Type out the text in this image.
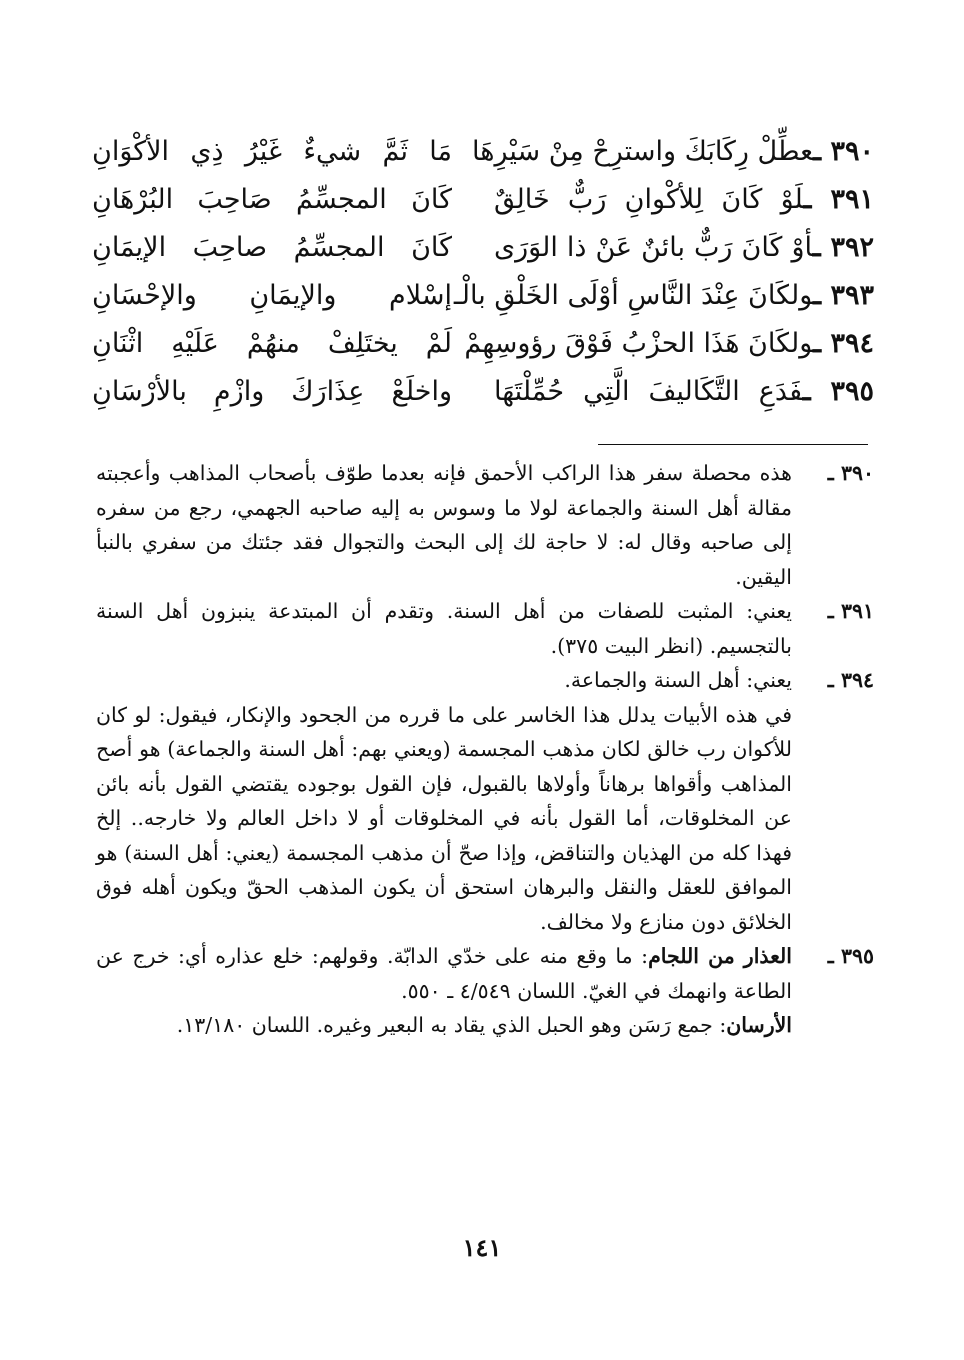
٣٩٠ ـعطِّلْ رِكَابَكَ واسترِحْ مِنْ سَيْرِهَا
مَا ثَمَّ شيءٌ غَيْرُ ذِي الأكْوَانِ
٣٩١ ـلَوْ كَانَ لِلأكْوانِ رَبٌّ خَالِقٌ
كَانَ المجسِّمُ صَاحِبَ البُرْهَانِ
٣٩٢ ـأوْ كَانَ رَبٌّ بائنٌ عَنْ ذا الوَرَى
كَانَ المجسِّمُ صاحِبَ الإيمَانِ
٣٩٣ ـولكَانَ عِنْدَ النَّاسِ أوْلَى الخَلْقِ بالْـ
إسْلام والإيمَانِ والإحْسَانِ
٣٩٤ ـولكَانَ هَذَا الحزْبُ فَوْقَ رؤوسِهِمْ
لَمْ يختَلِفْ منهُمْ عَلَيْهِ اثْنَانِ
٣٩٥ ـفَدَعِ التَّكَاليفَ الَّتِي حُمِّلْتَهَا
واخلَعْ عِذَارَكَ وازْمِ بالأرْسَانِ
٣٩٠ ـ
هذه محصلة سفر هذا الراكب الأحمق فإنه بعدما طوّف بأصحاب المذاهب وأعجبته مقالة أهل السنة والجماعة لولا ما وسوس به إليه صاحبه الجهمي، رجع من سفره إلى صاحبه وقال له: لا حاجة لك إلى البحث والتجوال فقد جئتك من سفري بالنبأ اليقين.
٣٩١ ـ
يعني: المثبت للصفات من أهل السنة. وتقدم أن المبتدعة ينبزون أهل السنة بالتجسيم. (انظر البيت ٣٧٥).
٣٩٤ ـ
يعني: أهل السنة والجماعة.
في هذه الأبيات يدلل هذا الخاسر على ما قرره من الجحود والإنكار، فيقول: لو كان للأكوان رب خالق لكان مذهب المجسمة (ويعني بهم: أهل السنة والجماعة) هو أصح المذاهب وأقواها برهاناً وأولاها بالقبول، فإن القول بوجوده يقتضي القول بأنه بائن عن المخلوقات، أما القول بأنه في المخلوقات أو لا داخل العالم ولا خارجه.. إلخ فهذا كله من الهذيان والتناقض، وإذا صحّ أن مذهب المجسمة (يعني: أهل السنة) هو الموافق للعقل والنقل والبرهان استحق أن يكون المذهب الحقّ ويكون أهله فوق الخلائق دون منازع ولا مخالف.
٣٩٥ ـ
العذار من اللجام: ما وقع منه على خدّي الدابّة. وقولهم: خلع عذاره أي: خرج عن الطاعة وانهمك في الغيّ. اللسان ٤/٥٤٩ ـ ٥٥٠.
الأرسان: جمع رَسَن وهو الحبل الذي يقاد به البعير وغيره. اللسان ١٣/١٨٠.
١٤١
